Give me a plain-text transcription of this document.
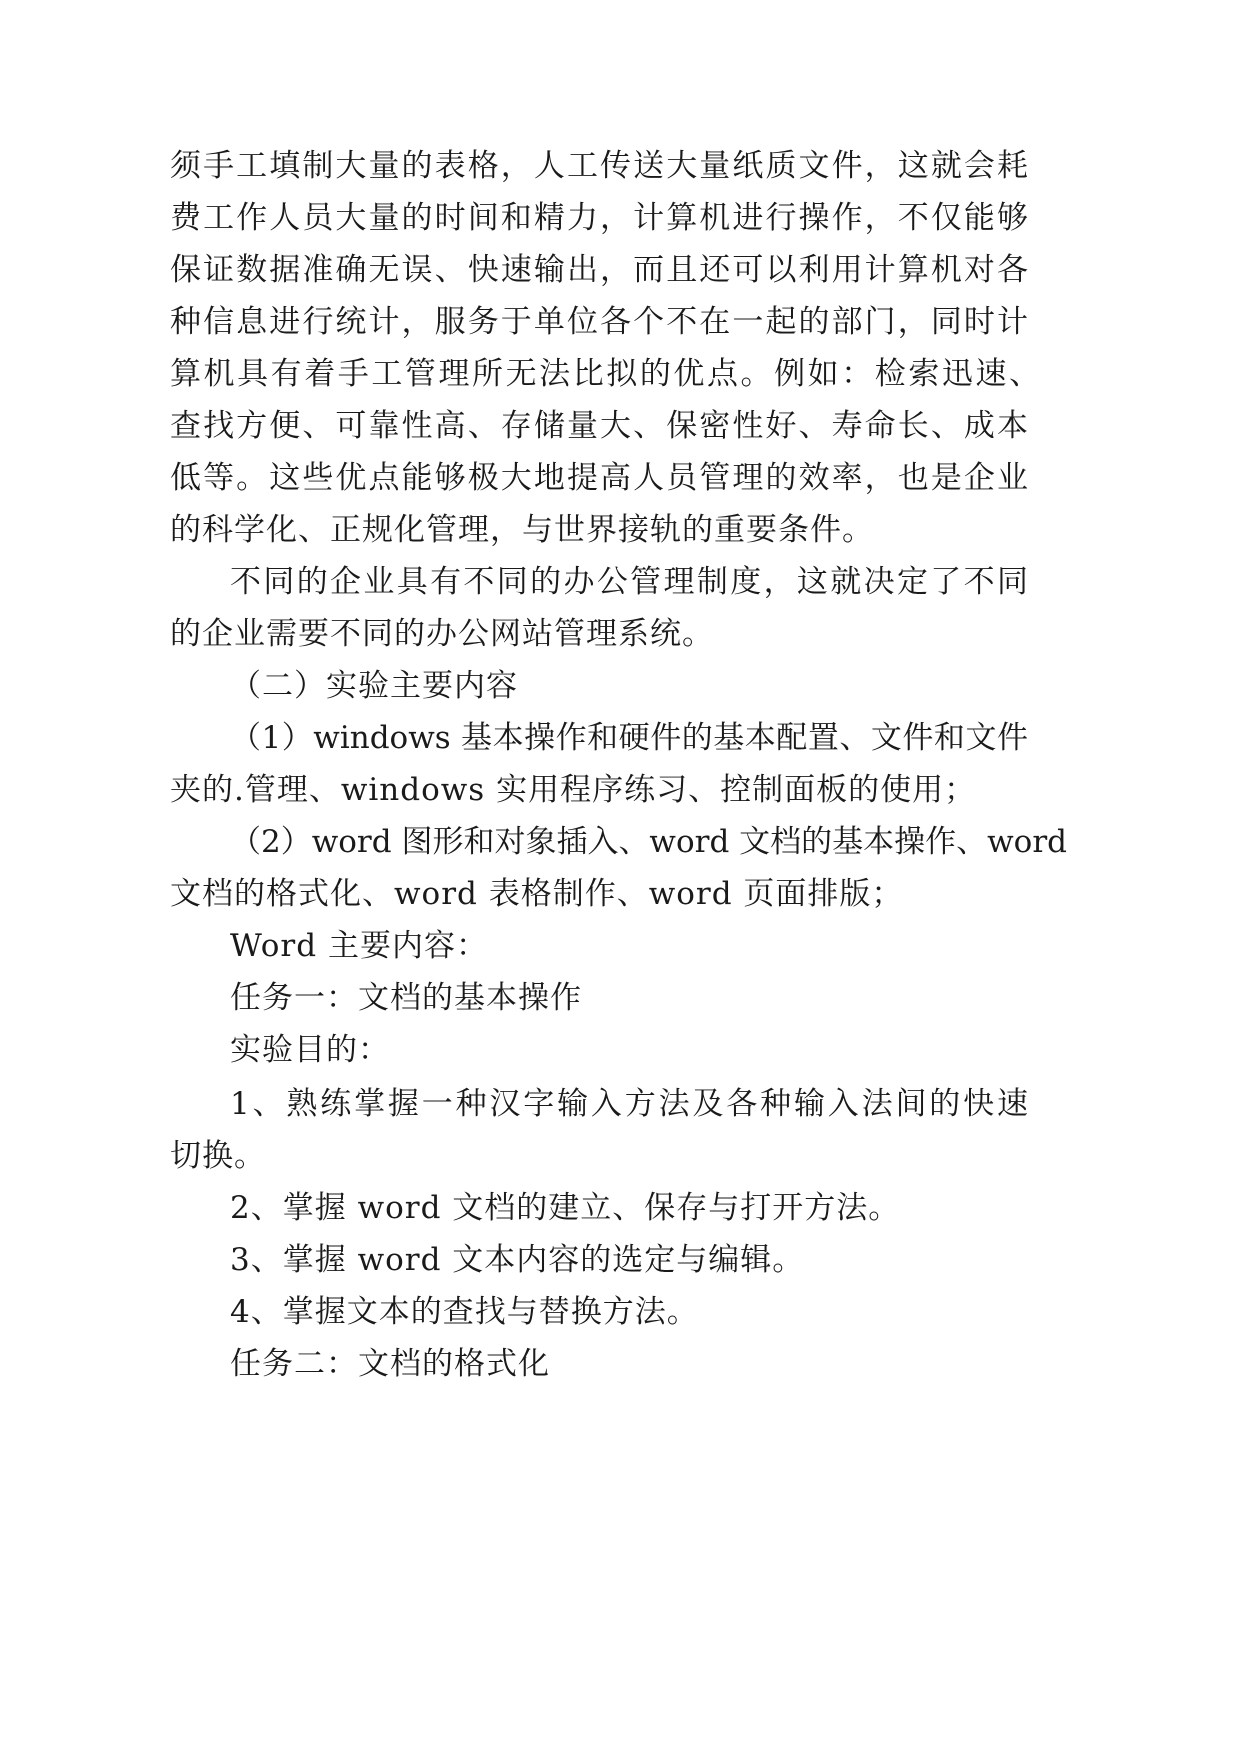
须手工填制大量的表格，人工传送大量纸质文件，这就会耗
费工作人员大量的时间和精力，计算机进行操作，不仅能够
保证数据准确无误、快速输出，而且还可以利用计算机对各
种信息进行统计，服务于单位各个不在一起的部门，同时计
算机具有着手工管理所无法比拟的优点。例如：检索迅速、
查找方便、可靠性高、存储量大、保密性好、寿命长、成本
低等。这些优点能够极大地提高人员管理的效率，也是企业
的科学化、正规化管理，与世界接轨的重要条件。
不同的企业具有不同的办公管理制度，这就决定了不同
的企业需要不同的办公网站管理系统。
（二）实验主要内容
（1）windows 基本操作和硬件的基本配置、文件和文件
夹的.管理、windows 实用程序练习、控制面板的使用；
（2）word 图形和对象插入、word 文档的基本操作、word
文档的格式化、word 表格制作、word 页面排版；
Word 主要内容：
任务一：文档的基本操作
实验目的：
1、熟练掌握一种汉字输入方法及各种输入法间的快速
切换。
2、掌握 word 文档的建立、保存与打开方法。
3、掌握 word 文本内容的选定与编辑。
4、掌握文本的查找与替换方法。
任务二：文档的格式化
